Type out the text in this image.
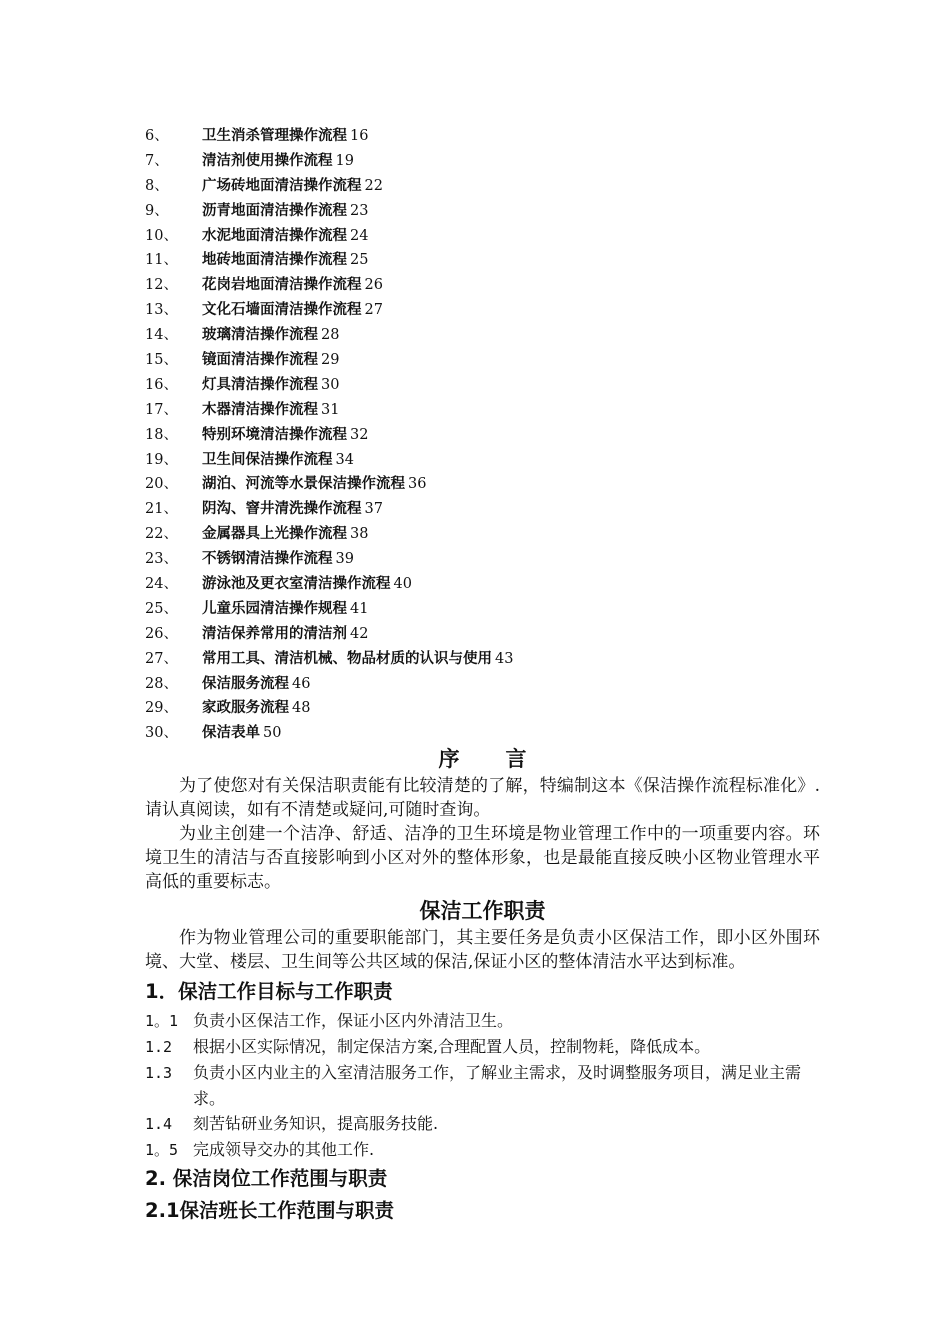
6、 卫生消杀管理操作流程 16
7、 清洁剂使用操作流程 19
8、 广场砖地面清洁操作流程 22
9、 沥青地面清洁操作流程 23
10、 水泥地面清洁操作流程 24
11、 地砖地面清洁操作流程 25
12、 花岗岩地面清洁操作流程 26
13、 文化石墙面清洁操作流程 27
14、 玻璃清洁操作流程 28
15、 镜面清洁操作流程 29
16、 灯具清洁操作流程 30
17、 木器清洁操作流程 31
18、 特别环境清洁操作流程 32
19、 卫生间保洁操作流程 34
20、 湖泊、河流等水景保洁操作流程 36
21、 阴沟、窨井清洗操作流程 37
22、 金属器具上光操作流程 38
23、 不锈钢清洁操作流程 39
24、 游泳池及更衣室清洁操作流程 40
25、 儿童乐园清洁操作规程 41
26、 清洁保养常用的清洁剂 42
27、 常用工具、清洁机械、物品材质的认识与使用 43
28、 保洁服务流程 46
29、 家政服务流程 48
30、 保洁表单 50
序 言

为了使您对有关保洁职责能有比较清楚的了解，特编制这本《保洁操作流程标准化》.请认真阅读，如有不清楚或疑问,可随时查询。

为业主创建一个洁净、舒适、洁净的卫生环境是物业管理工作中的一项重要内容。环境卫生的清洁与否直接影响到小区对外的整体形象，也是最能直接反映小区物业管理水平高低的重要标志。

保洁工作职责

作为物业管理公司的重要职能部门，其主要任务是负责小区保洁工作，即小区外围环境、大堂、楼层、卫生间等公共区域的保洁,保证小区的整体清洁水平达到标准。

1．保洁工作目标与工作职责
1。1 负责小区保洁工作，保证小区内外清洁卫生。
1.2 根据小区实际情况，制定保洁方案,合理配置人员，控制物耗，降低成本。
1.3 负责小区内业主的入室清洁服务工作，了解业主需求，及时调整服务项目，满足业主需求。
1.4 刻苦钻研业务知识，提高服务技能.
1。5 完成领导交办的其他工作.
2. 保洁岗位工作范围与职责
2.1保洁班长工作范围与职责
